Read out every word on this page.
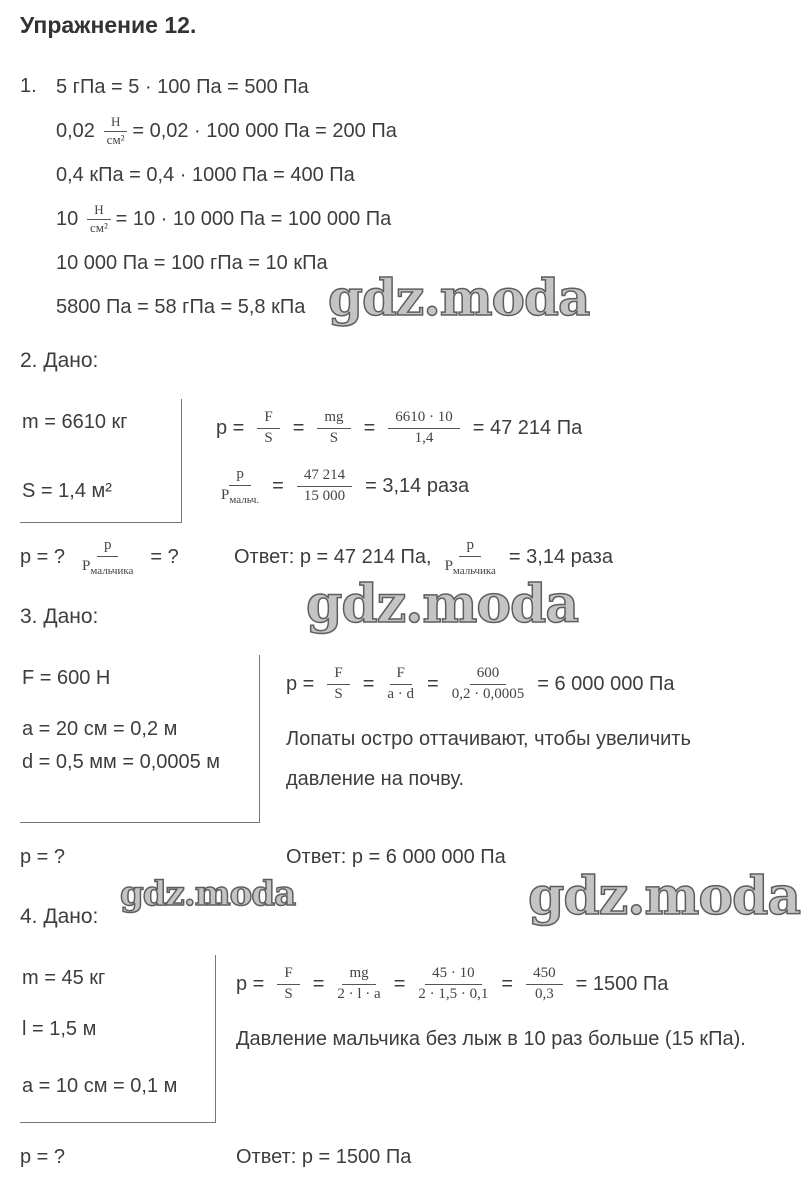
Упражнение 12.
1. 5 гПа = 5 · 100 Па = 500 Па
$0,02 \frac{Н}{\text{см²}} = 0,02 \cdot 100$ 000 Па = 200 Па
0,4 кПа = 0,4 · 1000 Па = 400 Па
$10 \frac{Н}{\text{см²}} = 10 \cdot 10$ 000 Па = 100 000 Па
10 000 Па = 100 гПа = 10 кПа
5800 Па = 58 гПа = 5,8 кПа
2. Дано:
m = 6610 кг
S = 1,4 м²
$p = \frac{F}{S} = \frac{mg}{S} = \frac{6610 \cdot 10}{1,4} = 47$ 214 Па
$\frac{p}{P_{мальч.}} = \frac{47 214}{15 000} = 3,14$ раза
p = ? $\frac{p}{P_{мальчика}}$ = ?	Ответ: p = 47 214 Па, $\frac{p}{P_{мальчика}} = 3,14$ раза
3. Дано:
F = 600 Н
a = 20 см = 0,2 м
d = 0,5 мм = 0,0005 м
$p = \frac{F}{S} = \frac{F}{a \cdot d} = \frac{600}{0,2 \cdot 0,0005} = 6$ 000 000 Па
Лопаты остро оттачивают, чтобы увеличить
давление на почву.
p = ?	Ответ: p = 6 000 000 Па
4. Дано:
m = 45 кг
l = 1,5 м
a = 10 см = 0,1 м
$p = \frac{F}{S} = \frac{mg}{2 \cdot l \cdot a} = \frac{45 \cdot 10}{2 \cdot 1,5 \cdot 0,1} = \frac{450}{0,3} = 1500$ Па
Давление мальчика без лыж в 10 раз больше (15 кПа).
p = ?	Ответ: p = 1500 Па
gdz.moda
gdz.moda
gdz.moda	gdz.moda
